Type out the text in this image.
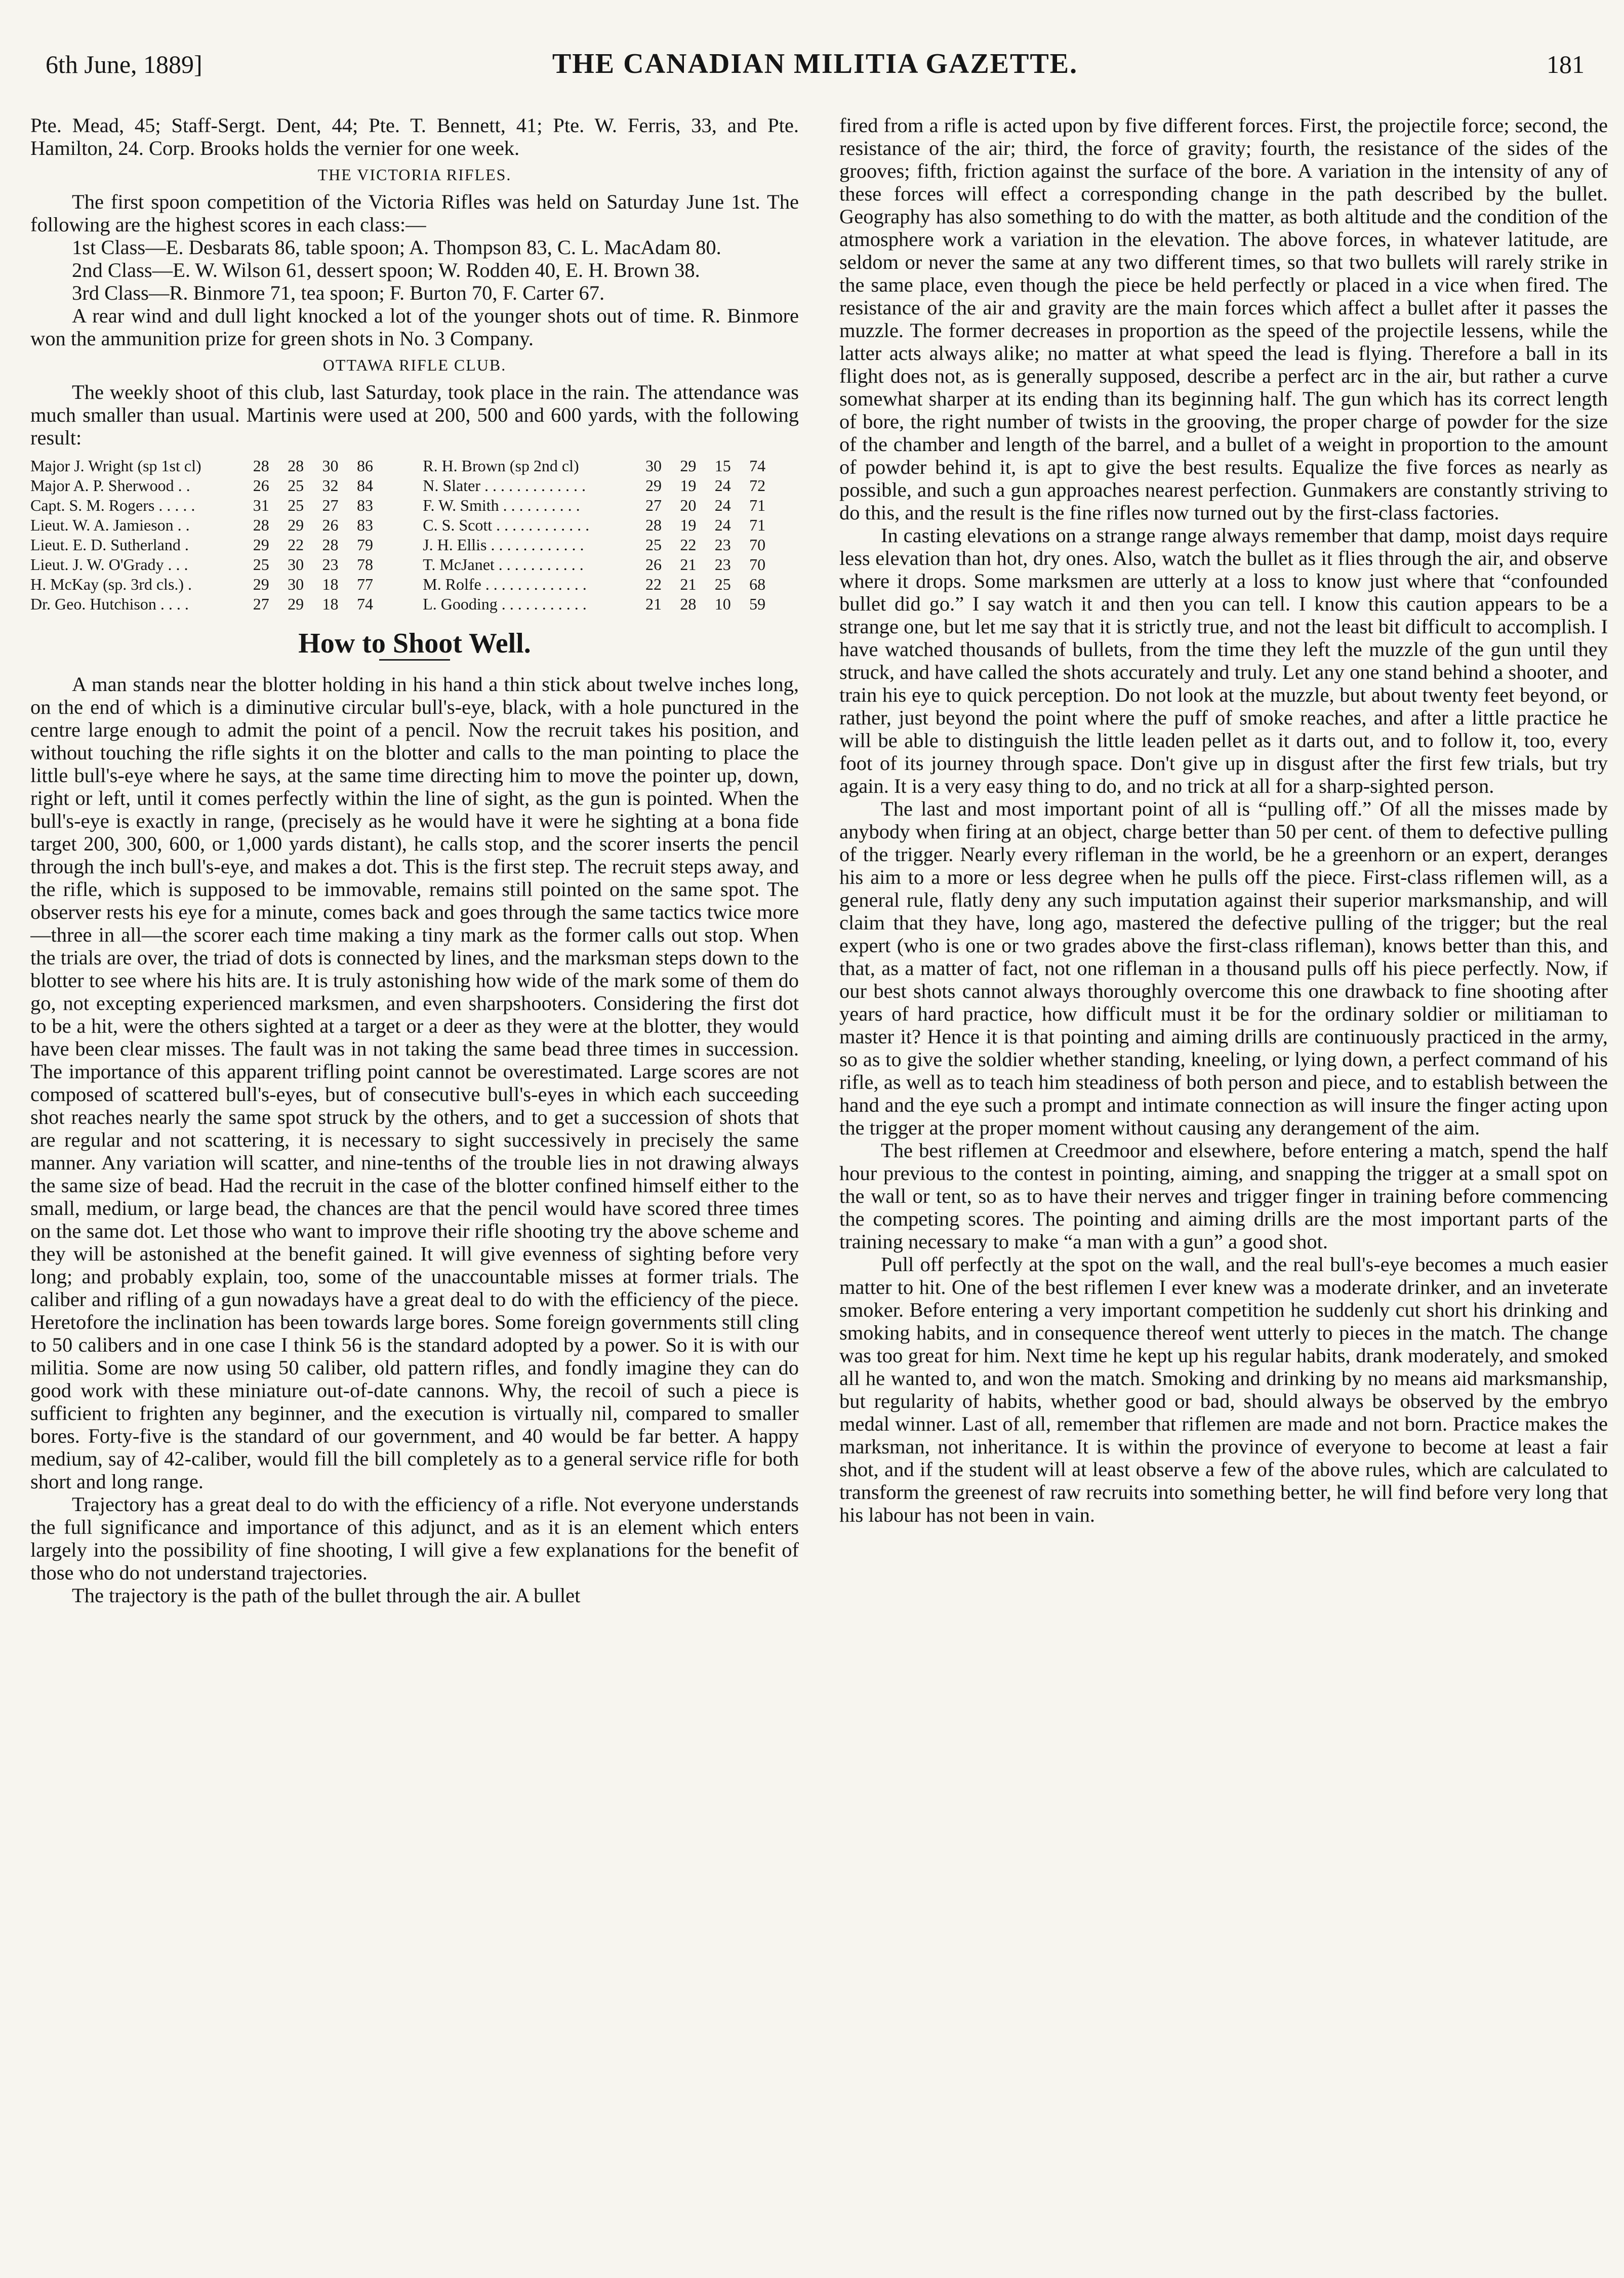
6th June, 1889]	THE CANADIAN MILITIA GAZETTE.	181

Pte. Mead, 45; Staff-Sergt. Dent, 44; Pte. T. Bennett, 41; Pte. W. Ferris, 33, and Pte. Hamilton, 24. Corp. Brooks holds the vernier for one week.

THE VICTORIA RIFLES.

The first spoon competition of the Victoria Rifles was held on Saturday June 1st. The following are the highest scores in each class:—

1st Class—E. Desbarats 86, table spoon; A. Thompson 83, C. L. MacAdam 80.

2nd Class—E. W. Wilson 61, dessert spoon; W. Rodden 40, E. H. Brown 38.

3rd Class—R. Binmore 71, tea spoon; F. Burton 70, F. Carter 67.

A rear wind and dull light knocked a lot of the younger shots out of time. R. Binmore won the ammunition prize for green shots in No. 3 Company.

OTTAWA RIFLE CLUB.

The weekly shoot of this club, last Saturday, took place in the rain. The attendance was much smaller than usual. Martinis were used at 200, 500 and 600 yards, with the following result:

Major J. Wright (sp 1st cl)	28	28	30	86		R. H. Brown (sp 2nd cl)	30	29	15	74
Major A. P. Sherwood . .	26	25	32	84		N. Slater . . . . . . . . . . . . .	29	19	24	72
Capt. S. M. Rogers . . . . .	31	25	27	83		F. W. Smith . . . . . . . . . .	27	20	24	71
Lieut. W. A. Jamieson . .	28	29	26	83		C. S. Scott . . . . . . . . . . . .	28	19	24	71
Lieut. E. D. Sutherland .	29	22	28	79		J. H. Ellis . . . . . . . . . . . .	25	22	23	70
Lieut. J. W. O'Grady . . .	25	30	23	78		T. McJanet . . . . . . . . . . .	26	21	23	70
H. McKay (sp. 3rd cls.) .	29	30	18	77		M. Rolfe . . . . . . . . . . . . .	22	21	25	68
Dr. Geo. Hutchison . . . .	27	29	18	74		L. Gooding . . . . . . . . . . .	21	28	10	59
How to Shoot Well.

A man stands near the blotter holding in his hand a thin stick about twelve inches long, on the end of which is a diminutive circular bull's-eye, black, with a hole punctured in the centre large enough to admit the point of a pencil. Now the recruit takes his position, and without touching the rifle sights it on the blotter and calls to the man pointing to place the little bull's-eye where he says, at the same time directing him to move the pointer up, down, right or left, until it comes perfectly within the line of sight, as the gun is pointed. When the bull's-eye is exactly in range, (precisely as he would have it were he sighting at a bona fide target 200, 300, 600, or 1,000 yards distant), he calls stop, and the scorer inserts the pencil through the inch bull's-eye, and makes a dot. This is the first step. The recruit steps away, and the rifle, which is supposed to be immovable, remains still pointed on the same spot. The observer rests his eye for a minute, comes back and goes through the same tactics twice more—three in all—the scorer each time making a tiny mark as the former calls out stop. When the trials are over, the triad of dots is connected by lines, and the marksman steps down to the blotter to see where his hits are. It is truly astonishing how wide of the mark some of them do go, not excepting experienced marksmen, and even sharpshooters. Considering the first dot to be a hit, were the others sighted at a target or a deer as they were at the blotter, they would have been clear misses. The fault was in not taking the same bead three times in succession. The importance of this apparent trifling point cannot be overestimated. Large scores are not composed of scattered bull's-eyes, but of consecutive bull's-eyes in which each succeeding shot reaches nearly the same spot struck by the others, and to get a succession of shots that are regular and not scattering, it is necessary to sight successively in precisely the same manner. Any variation will scatter, and nine-tenths of the trouble lies in not drawing always the same size of bead. Had the recruit in the case of the blotter confined himself either to the small, medium, or large bead, the chances are that the pencil would have scored three times on the same dot. Let those who want to improve their rifle shooting try the above scheme and they will be astonished at the benefit gained. It will give evenness of sighting before very long; and probably explain, too, some of the unaccountable misses at former trials. The caliber and rifling of a gun nowadays have a great deal to do with the efficiency of the piece. Heretofore the inclination has been towards large bores. Some foreign governments still cling to 50 calibers and in one case I think 56 is the standard adopted by a power. So it is with our militia. Some are now using 50 caliber, old pattern rifles, and fondly imagine they can do good work with these miniature out-of-date cannons. Why, the recoil of such a piece is sufficient to frighten any beginner, and the execution is virtually nil, compared to smaller bores. Forty-five is the standard of our government, and 40 would be far better. A happy medium, say of 42-caliber, would fill the bill completely as to a general service rifle for both short and long range.

Trajectory has a great deal to do with the efficiency of a rifle. Not everyone understands the full significance and importance of this adjunct, and as it is an element which enters largely into the possibility of fine shooting, I will give a few explanations for the benefit of those who do not understand trajectories.

The trajectory is the path of the bullet through the air. A bullet

fired from a rifle is acted upon by five different forces. First, the projectile force; second, the resistance of the air; third, the force of gravity; fourth, the resistance of the sides of the grooves; fifth, friction against the surface of the bore. A variation in the intensity of any of these forces will effect a corresponding change in the path described by the bullet. Geography has also something to do with the matter, as both altitude and the condition of the atmosphere work a variation in the elevation. The above forces, in whatever latitude, are seldom or never the same at any two different times, so that two bullets will rarely strike in the same place, even though the piece be held perfectly or placed in a vice when fired. The resistance of the air and gravity are the main forces which affect a bullet after it passes the muzzle. The former decreases in proportion as the speed of the projectile lessens, while the latter acts always alike; no matter at what speed the lead is flying. Therefore a ball in its flight does not, as is generally supposed, describe a perfect arc in the air, but rather a curve somewhat sharper at its ending than its beginning half. The gun which has its correct length of bore, the right number of twists in the grooving, the proper charge of powder for the size of the chamber and length of the barrel, and a bullet of a weight in proportion to the amount of powder behind it, is apt to give the best results. Equalize the five forces as nearly as possible, and such a gun approaches nearest perfection. Gunmakers are constantly striving to do this, and the result is the fine rifles now turned out by the first-class factories.

In casting elevations on a strange range always remember that damp, moist days require less elevation than hot, dry ones. Also, watch the bullet as it flies through the air, and observe where it drops. Some marksmen are utterly at a loss to know just where that “confounded bullet did go.” I say watch it and then you can tell. I know this caution appears to be a strange one, but let me say that it is strictly true, and not the least bit difficult to accomplish. I have watched thousands of bullets, from the time they left the muzzle of the gun until they struck, and have called the shots accurately and truly. Let any one stand behind a shooter, and train his eye to quick perception. Do not look at the muzzle, but about twenty feet beyond, or rather, just beyond the point where the puff of smoke reaches, and after a little practice he will be able to distinguish the little leaden pellet as it darts out, and to follow it, too, every foot of its journey through space. Don't give up in disgust after the first few trials, but try again. It is a very easy thing to do, and no trick at all for a sharp-sighted person.

The last and most important point of all is “pulling off.” Of all the misses made by anybody when firing at an object, charge better than 50 per cent. of them to defective pulling of the trigger. Nearly every rifleman in the world, be he a greenhorn or an expert, deranges his aim to a more or less degree when he pulls off the piece. First-class riflemen will, as a general rule, flatly deny any such imputation against their superior marksmanship, and will claim that they have, long ago, mastered the defective pulling of the trigger; but the real expert (who is one or two grades above the first-class rifleman), knows better than this, and that, as a matter of fact, not one rifleman in a thousand pulls off his piece perfectly. Now, if our best shots cannot always thoroughly overcome this one drawback to fine shooting after years of hard practice, how difficult must it be for the ordinary soldier or militiaman to master it? Hence it is that pointing and aiming drills are continuously practiced in the army, so as to give the soldier whether standing, kneeling, or lying down, a perfect command of his rifle, as well as to teach him steadiness of both person and piece, and to establish between the hand and the eye such a prompt and intimate connection as will insure the finger acting upon the trigger at the proper moment without causing any derangement of the aim.

The best riflemen at Creedmoor and elsewhere, before entering a match, spend the half hour previous to the contest in pointing, aiming, and snapping the trigger at a small spot on the wall or tent, so as to have their nerves and trigger finger in training before commencing the competing scores. The pointing and aiming drills are the most important parts of the training necessary to make “a man with a gun” a good shot.

Pull off perfectly at the spot on the wall, and the real bull's-eye becomes a much easier matter to hit. One of the best riflemen I ever knew was a moderate drinker, and an inveterate smoker. Before entering a very important competition he suddenly cut short his drinking and smoking habits, and in consequence thereof went utterly to pieces in the match. The change was too great for him. Next time he kept up his regular habits, drank moderately, and smoked all he wanted to, and won the match. Smoking and drinking by no means aid marksmanship, but regularity of habits, whether good or bad, should always be observed by the embryo medal winner. Last of all, remember that riflemen are made and not born. Practice makes the marksman, not inheritance. It is within the province of everyone to become at least a fair shot, and if the student will at least observe a few of the above rules, which are calculated to transform the greenest of raw recruits into something better, he will find before very long that his labour has not been in vain.
